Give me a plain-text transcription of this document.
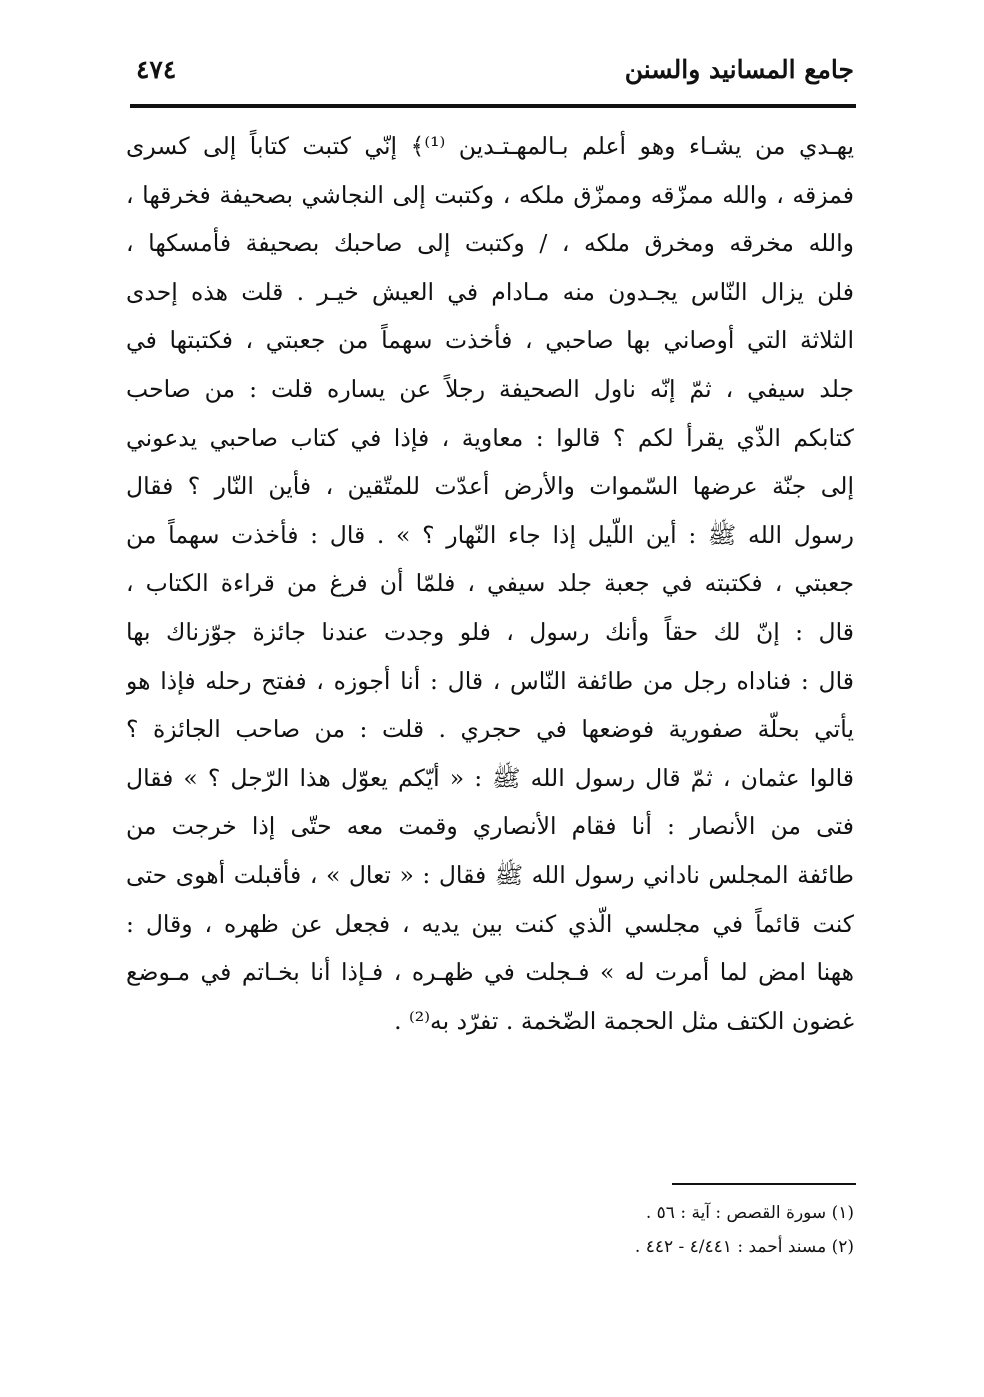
جامع المسانيد والسنن
٤٧٤
يهـدي من يشـاء وهو أعلم بـالمهـتـدين ⁽¹⁾﴾ إنّي كتبت كتاباً إلى كسرى
فمزقه ، والله ممزّقه وممزّق ملكه ، وكتبت إلى النجاشي بصحيفة فخرقها ،
والله مخرقه ومخرق ملكه ، / وكتبت إلى صاحبك بصحيفة فأمسكها ،
فلن يزال النّاس يجـدون منه مـادام في العيش خيـر . قلت هذه إحدى
الثلاثة التي أوصاني بها صاحبي ، فأخذت سهماً من جعبتي ، فكتبتها في
جلد سيفي ، ثمّ إنّه ناول الصحيفة رجلاً عن يساره قلت : من صاحب
كتابكم الذّي يقرأ لكم ؟ قالوا : معاوية ، فإذا في كتاب صاحبي يدعوني
إلى جنّة عرضها السّموات والأرض أعدّت للمتّقين ، فأين النّار ؟ فقال
رسول الله ﷺ : أين اللّيل إذا جاء النّهار ؟ » . قال : فأخذت سهماً من
جعبتي ، فكتبته في جعبة جلد سيفي ، فلمّا أن فرغ من قراءة الكتاب ،
قال : إنّ لك حقاً وأنك رسول ، فلو وجدت عندنا جائزة جوّزناك بها
قال : فناداه رجل من طائفة النّاس ، قال : أنا أجوزه ، ففتح رحله فإذا هو
يأتي بحلّة صفورية فوضعها في حجري . قلت : من صاحب الجائزة ؟
قالوا عثمان ، ثمّ قال رسول الله ﷺ : « أيّكم يعوّل هذا الرّجل ؟ » فقال
فتى من الأنصار : أنا فقام الأنصاري وقمت معه حتّى إذا خرجت من
طائفة المجلس ناداني رسول الله ﷺ فقال : « تعال » ، فأقبلت أهوى حتى
كنت قائماً في مجلسي الّذي كنت بين يديه ، فجعل عن ظهره ، وقال :
ههنا امض لما أمرت له » فـجلت في ظهـره ، فـإذا أنا بخـاتم في مـوضع
غضون الكتف مثل الحجمة الضّخمة . تفرّد به⁽²⁾ .
(١) سورة القصص : آية : ٥٦ .
(٢) مسند أحمد : ٤/٤٤١ - ٤٤٢ .
